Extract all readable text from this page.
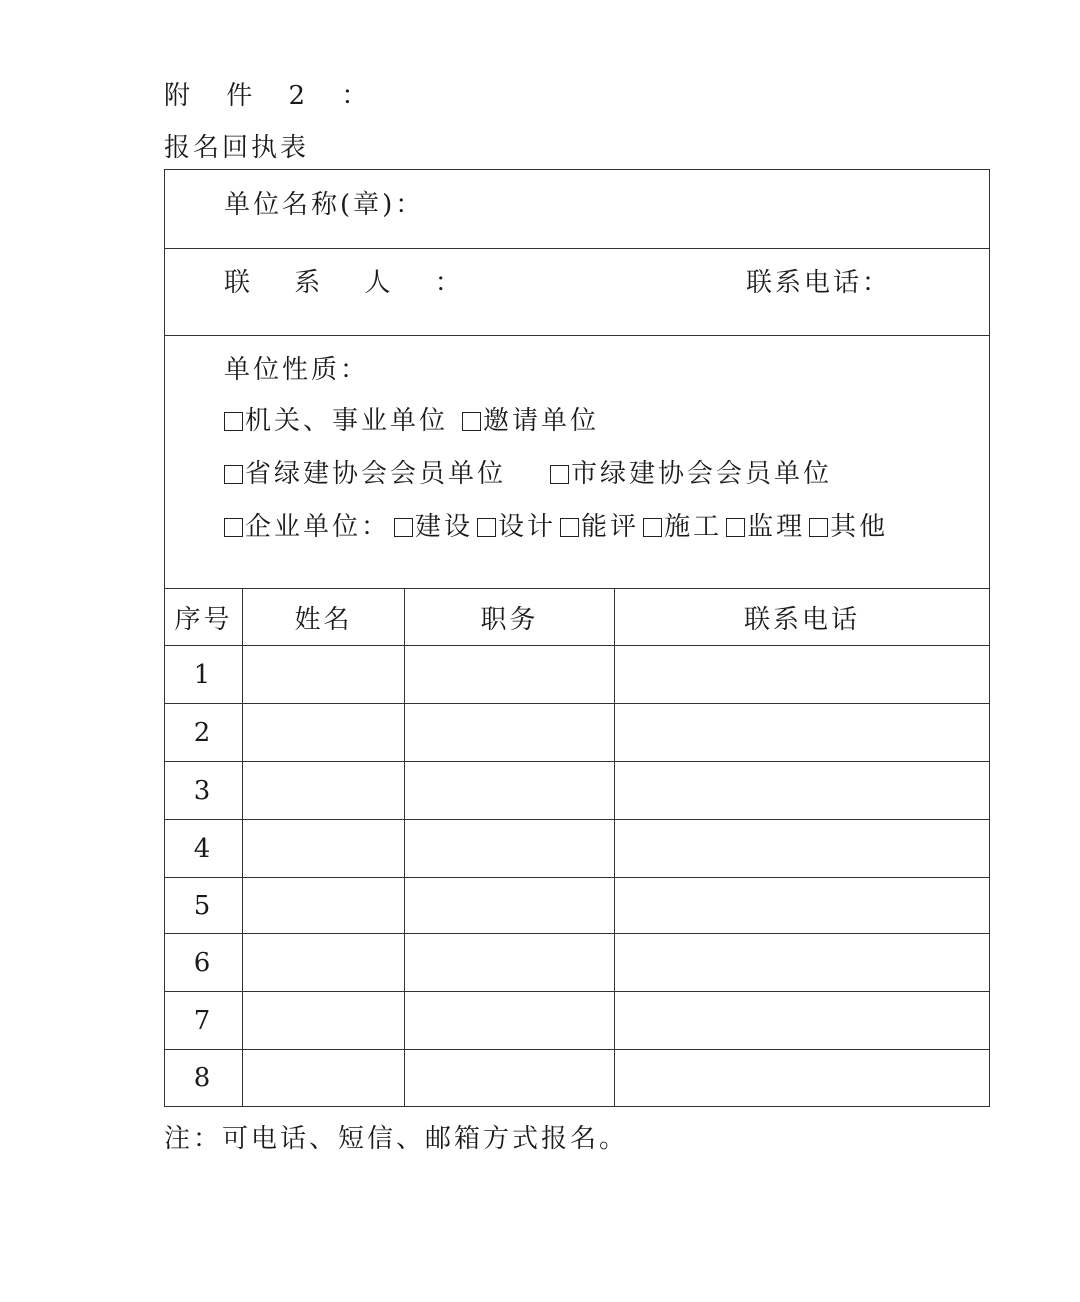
附 件 2 ：
报名回执表
单位名称(章)：
联 系 人 ：	联系电话：
单位性质：
机关、事业单位 邀请单位
省绿建协会会员单位	市绿建协会会员单位
企业单位： 建设 设计 能评 施工 监理 其他
序号	姓名	职务	联系电话
1
2
3
4
5
6
7
8
注：可电话、短信、邮箱方式报名。
